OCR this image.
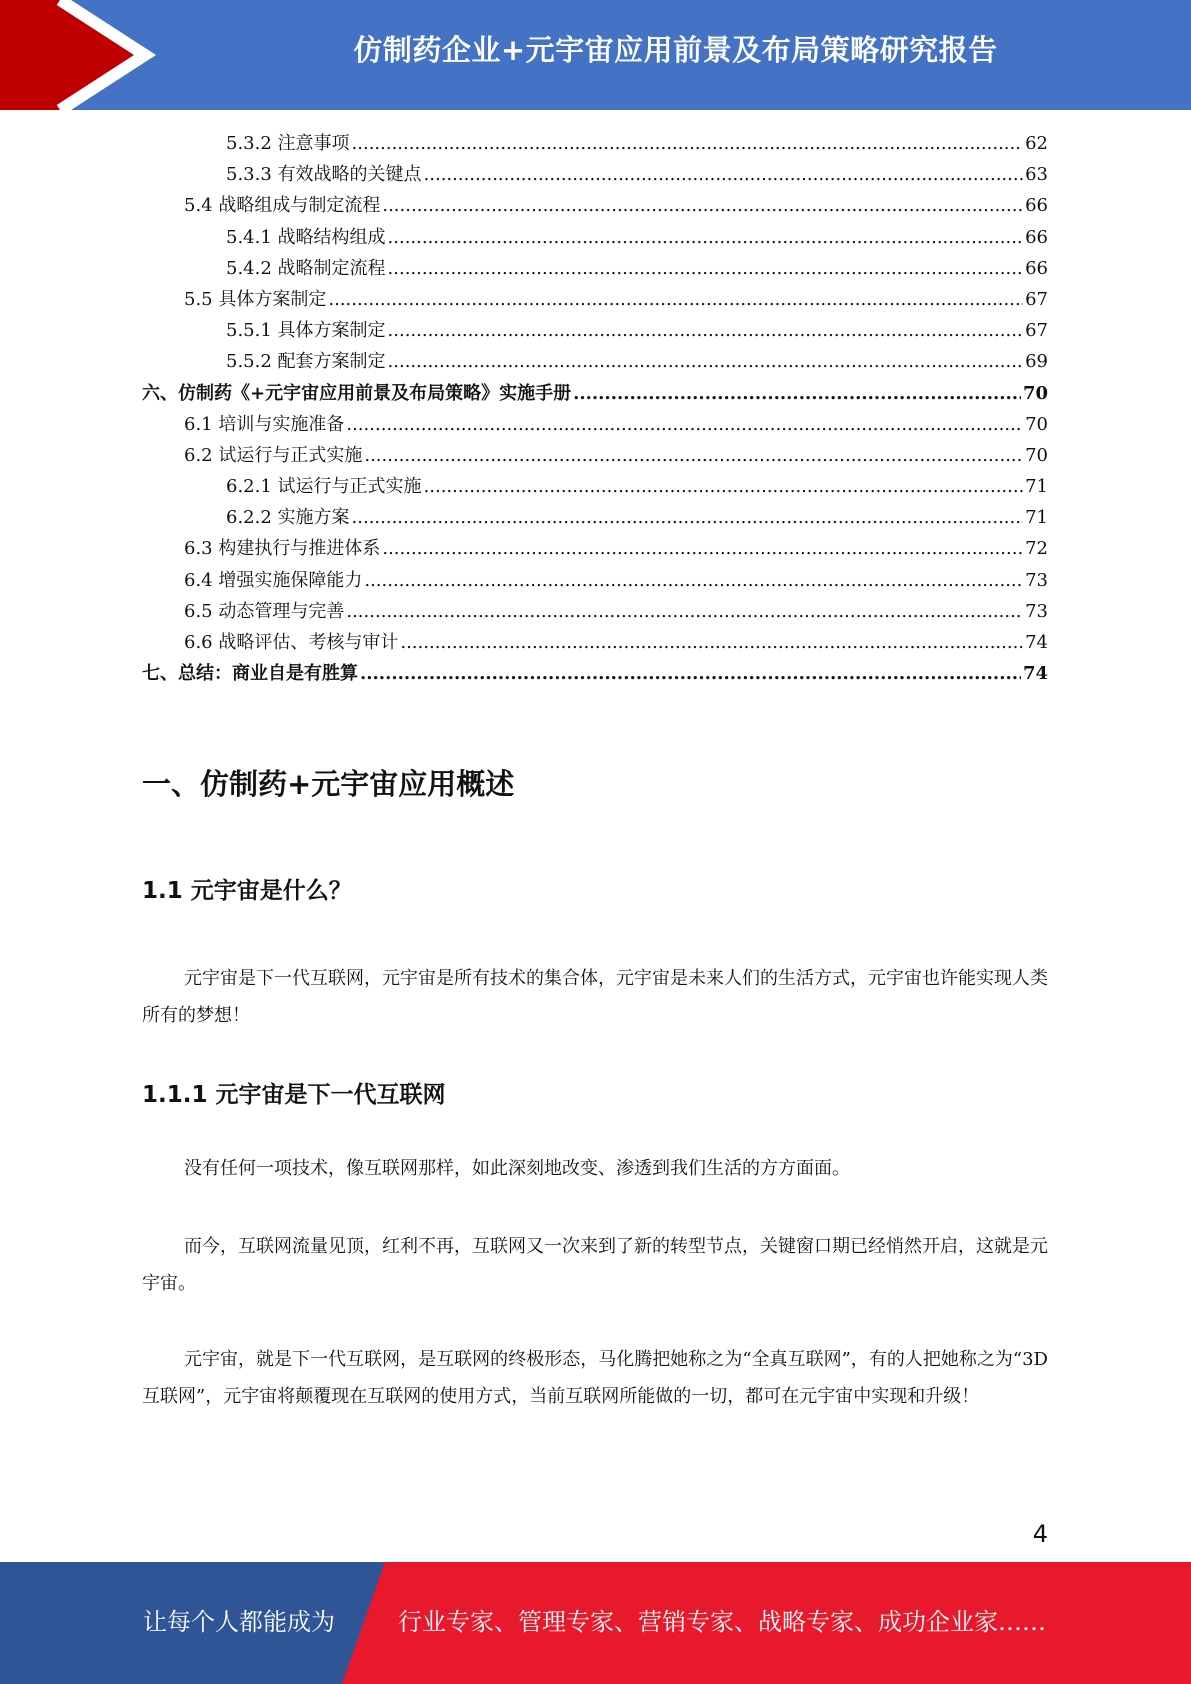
仿制药企业+元宇宙应用前景及布局策略研究报告
5.3.2 注意事项 .....	62
5.3.3 有效战略的关键点 .....	63
5.4 战略组成与制定流程 .....	66
5.4.1 战略结构组成 .....	66
5.4.2 战略制定流程 .....	66
5.5 具体方案制定 .....	67
5.5.1 具体方案制定 .....	67
5.5.2 配套方案制定 .....	69
六、仿制药《+元宇宙应用前景及布局策略》实施手册 .....	70
6.1 培训与实施准备 .....	70
6.2 试运行与正式实施 .....	70
6.2.1 试运行与正式实施 .....	71
6.2.2 实施方案 .....	71
6.3 构建执行与推进体系 .....	72
6.4 增强实施保障能力 .....	73
6.5 动态管理与完善 .....	73
6.6 战略评估、考核与审计 .....	74
七、总结：商业自是有胜算 .....	74
一、仿制药+元宇宙应用概述
1.1 元宇宙是什么？

元宇宙是下一代互联网，元宇宙是所有技术的集合体，元宇宙是未来人们的生活方式，元宇宙也许能实现人类所有的梦想！

1.1.1 元宇宙是下一代互联网

没有任何一项技术，像互联网那样，如此深刻地改变、渗透到我们生活的方方面面。

而今，互联网流量见顶，红利不再，互联网又一次来到了新的转型节点，关键窗口期已经悄然开启，这就是元宇宙。

元宇宙，就是下一代互联网，是互联网的终极形态，马化腾把她称之为“全真互联网”，有的人把她称之为“3D 互联网”，元宇宙将颠覆现在互联网的使用方式，当前互联网所能做的一切，都可在元宇宙中实现和升级！

4
让每个人都能成为	行业专家、管理专家、营销专家、战略专家、成功企业家……
